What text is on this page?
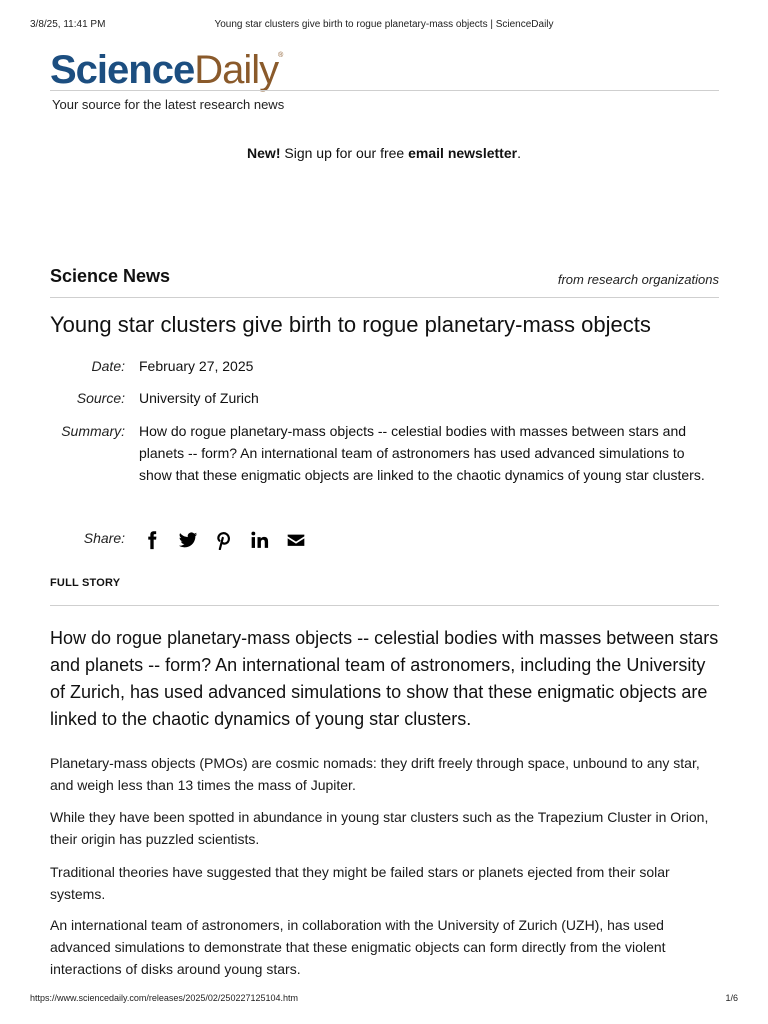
3/8/25, 11:41 PM	Young star clusters give birth to rogue planetary-mass objects | ScienceDaily
ScienceDaily®
Your source for the latest research news
New! Sign up for our free email newsletter.
Science News	from research organizations
Young star clusters give birth to rogue planetary-mass objects
Date: February 27, 2025
Source: University of Zurich
Summary: How do rogue planetary-mass objects -- celestial bodies with masses between stars and planets -- form? An international team of astronomers has used advanced simulations to show that these enigmatic objects are linked to the chaotic dynamics of young star clusters.
Share:
FULL STORY

How do rogue planetary-mass objects -- celestial bodies with masses between stars and planets -- form? An international team of astronomers, including the University of Zurich, has used advanced simulations to show that these enigmatic objects are linked to the chaotic dynamics of young star clusters.

Planetary-mass objects (PMOs) are cosmic nomads: they drift freely through space, unbound to any star, and weigh less than 13 times the mass of Jupiter.

While they have been spotted in abundance in young star clusters such as the Trapezium Cluster in Orion, their origin has puzzled scientists.

Traditional theories have suggested that they might be failed stars or planets ejected from their solar systems.

An international team of astronomers, in collaboration with the University of Zurich (UZH), has used advanced simulations to demonstrate that these enigmatic objects can form directly from the violent interactions of disks around young stars.

https://www.sciencedaily.com/releases/2025/02/250227125104.htm	1/6
